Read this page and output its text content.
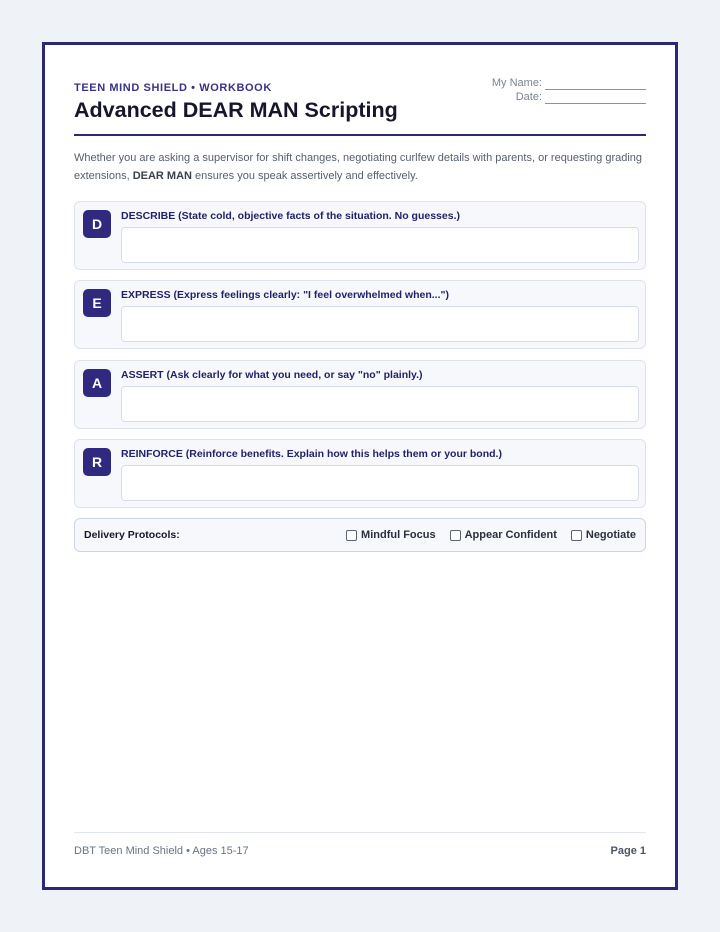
My Name:
Date:
TEEN MIND SHIELD • WORKBOOK
Advanced DEAR MAN Scripting

Whether you are asking a supervisor for shift changes, negotiating curlfew details with parents, or requesting grading extensions, DEAR MAN ensures you speak assertively and effectively.

D	DESCRIBE (State cold, objective facts of the situation. No guesses.)
E	EXPRESS (Express feelings clearly: "I feel overwhelmed when...")
A	ASSERT (Ask clearly for what you need, or say "no" plainly.)
R	REINFORCE (Reinforce benefits. Explain how this helps them or your bond.)
Delivery Protocols:	Mindful Focus	Appear Confident	Negotiate
DBT Teen Mind Shield • Ages 15-17	Page 1
